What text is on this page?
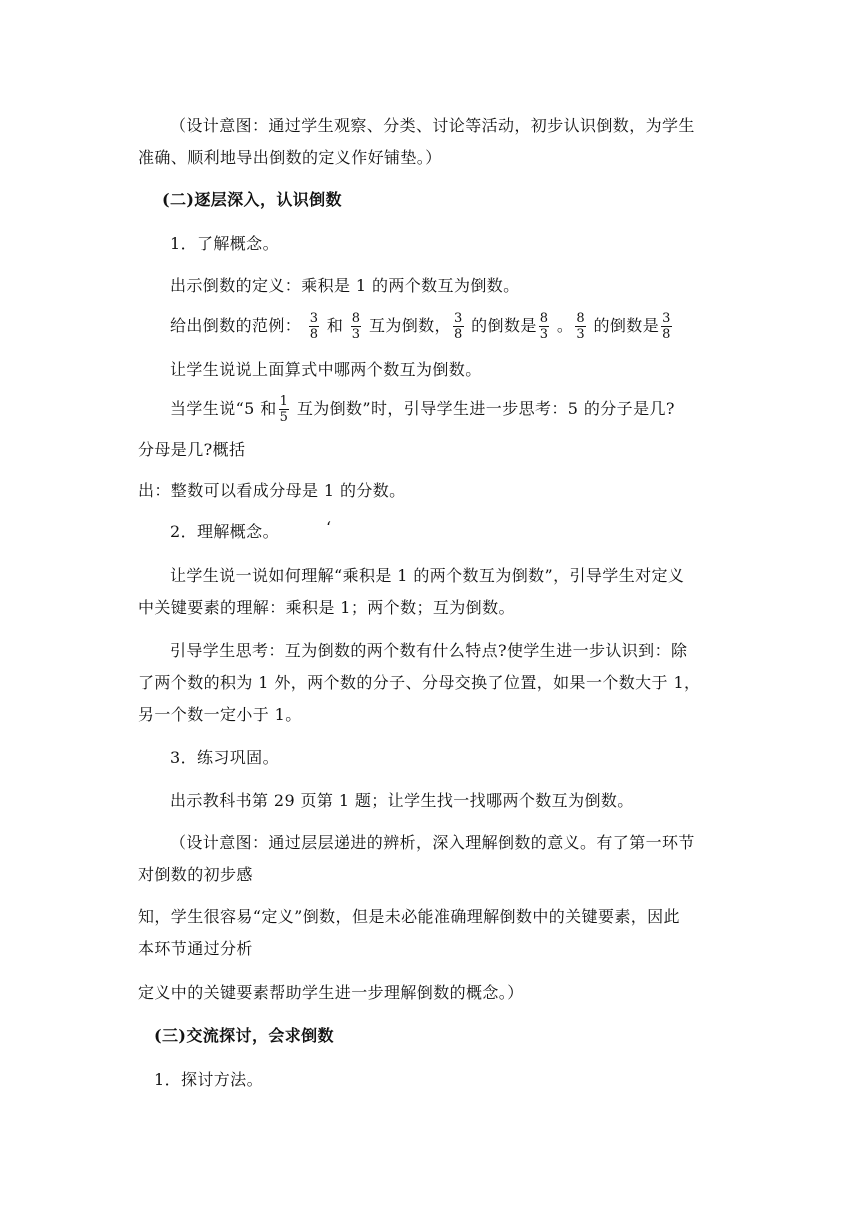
（设计意图：通过学生观察、分类、讨论等活动，初步认识倒数，为学生
准确、顺利地导出倒数的定义作好铺垫。）
(二)逐层深入，认识倒数
1．了解概念。
出示倒数的定义：乘积是 1 的两个数互为倒数。
给出倒数的范例： $\frac{3}{8}$ 和 $\frac{8}{3}$ 互为倒数， $\frac{3}{8}$ 的倒数是 $\frac{8}{3}$ 。 $\frac{8}{3}$ 的倒数是 $\frac{3}{8}$
让学生说说上面算式中哪两个数互为倒数。
当学生说“5 和 $\frac{1}{5}$ 互为倒数”时，引导学生进一步思考：5 的分子是几?
分母是几?概括
出：整数可以看成分母是 1 的分数。
2．理解概念。	‘
让学生说一说如何理解“乘积是 1 的两个数互为倒数”，引导学生对定义
中关键要素的理解：乘积是 1；两个数；互为倒数。
引导学生思考：互为倒数的两个数有什么特点?使学生进一步认识到：除
了两个数的积为 1 外，两个数的分子、分母交换了位置，如果一个数大于 1，
另一个数一定小于 1。
3．练习巩固。
出示教科书第 29 页第 1 题；让学生找一找哪两个数互为倒数。
（设计意图：通过层层递进的辨析，深入理解倒数的意义。有了第一环节
对倒数的初步感
知，学生很容易“定义”倒数，但是未必能准确理解倒数中的关键要素，因此
本环节通过分析
定义中的关键要素帮助学生进一步理解倒数的概念。）
(三)交流探讨，会求倒数
1．探讨方法。
